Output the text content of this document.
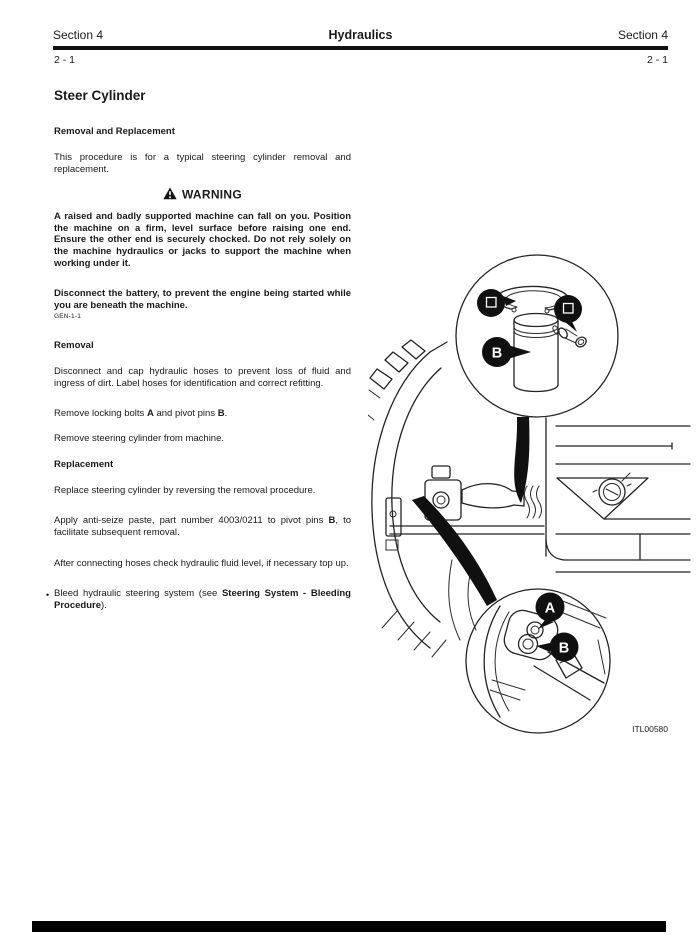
Section 4	Hydraulics	Section 4
2 - 1	2 - 1
Steer Cylinder
Removal and Replacement

This procedure is for a typical steering cylinder removal and replacement.

WARNING

A raised and badly supported machine can fall on you. Position the machine on a firm, level surface before raising one end. Ensure the other end is securely chocked. Do not rely solely on the machine hydraulics or jacks to support the machine when working under it.

Disconnect the battery, to prevent the engine being started while you are beneath the machine.

GEN-1-1
Removal

Disconnect and cap hydraulic hoses to prevent loss of fluid and ingress of dirt. Label hoses for identification and correct refitting.

Remove locking bolts A and pivot pins B.

Remove steering cylinder from machine.

Replacement

Replace steering cylinder by reversing the removal procedure.

Apply anti-seize paste, part number 4003/0211 to pivot pins B, to facilitate subsequent removal.

After connecting hoses check hydraulic fluid level, if necessary top up.

• Bleed hydraulic steering system (see Steering System - Bleeding Procedure).

B
A
B
ITL00580
